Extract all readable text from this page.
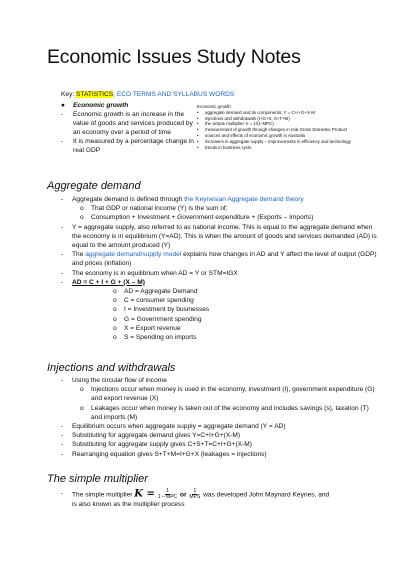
Economic Issues Study Notes
Key: STATISTICS, ECO TERMS AND SYLLABUS WORDS
●	Economic growth
-	Economic growth is an increase in the value of goods and services produced by an economy over a period of time
-	It is measured by a percentage change in real GDP
Economic growth
•	aggregate demand and its components: Y = C+I+G+X-M
•	injections and withdrawals (I+G+X, S+T+M)
•	the simple multiplier: k = 1/(1-MPC)
•	measurement of growth through changes in real Gross Domestic Product
•	sources and effects of economic growth in Australia
•	increases in aggregate supply – improvements in efficiency and technology
•	trends in business cycle
Aggregate demand
-	Aggregate demand is defined through the Keynesian Aggregate demand theory
o	That GDP or national income (Y) is the sum of;
o	Consumption + Investment + Government expenditure + (Exports – Imports)
-	Y = aggregate supply, also referred to as national income. This is equal to the aggregate demand when the economy is in equilibrium (Y=AD). This is when the amount of goods and services demanded (AD) is equal to the amount produced (Y)
-	The aggregate demand/supply model explains how changes in AD and Y affect the level of output (GDP) and prices (inflation)
-	The economy is in equilibrium when AD = Y or STM=IGX
-	AD = C + I + G + (X – M)
o	AD = Aggregate Demand
o	C = consumer spending
o	I = Investment by businesses
o	G = Government spending
o	X = Export revenue
o	S = Spending on imports
Injections and withdrawals
-	Using the circular flow of income
o	Injections occur when money is used in the economy, investment (I), government expenditure (G) and export revenue (X)
o	Leakages occur when money is taken out of the economy and includes savings (s), taxation (T) and imports (M)
-	Equilibrium occurs when aggregate supply = aggregate demand (Y = AD)
-	Substituting for aggregate demand gives Y=C+I+G+(X-M)
-	Substituting for aggregate supply gives C+S+T=C+I+G+(X-M)
-	Rearranging equation gives S+T+M=I+G+X (leakages = injections)
The simple multiplier
-	The simple multiplier $K = \frac{1}{\text{1 – MPC}}$ or $\frac{1}{\text{MPS}}$ was developed John Maynard Keynes, and
is also known as the multiplier process
